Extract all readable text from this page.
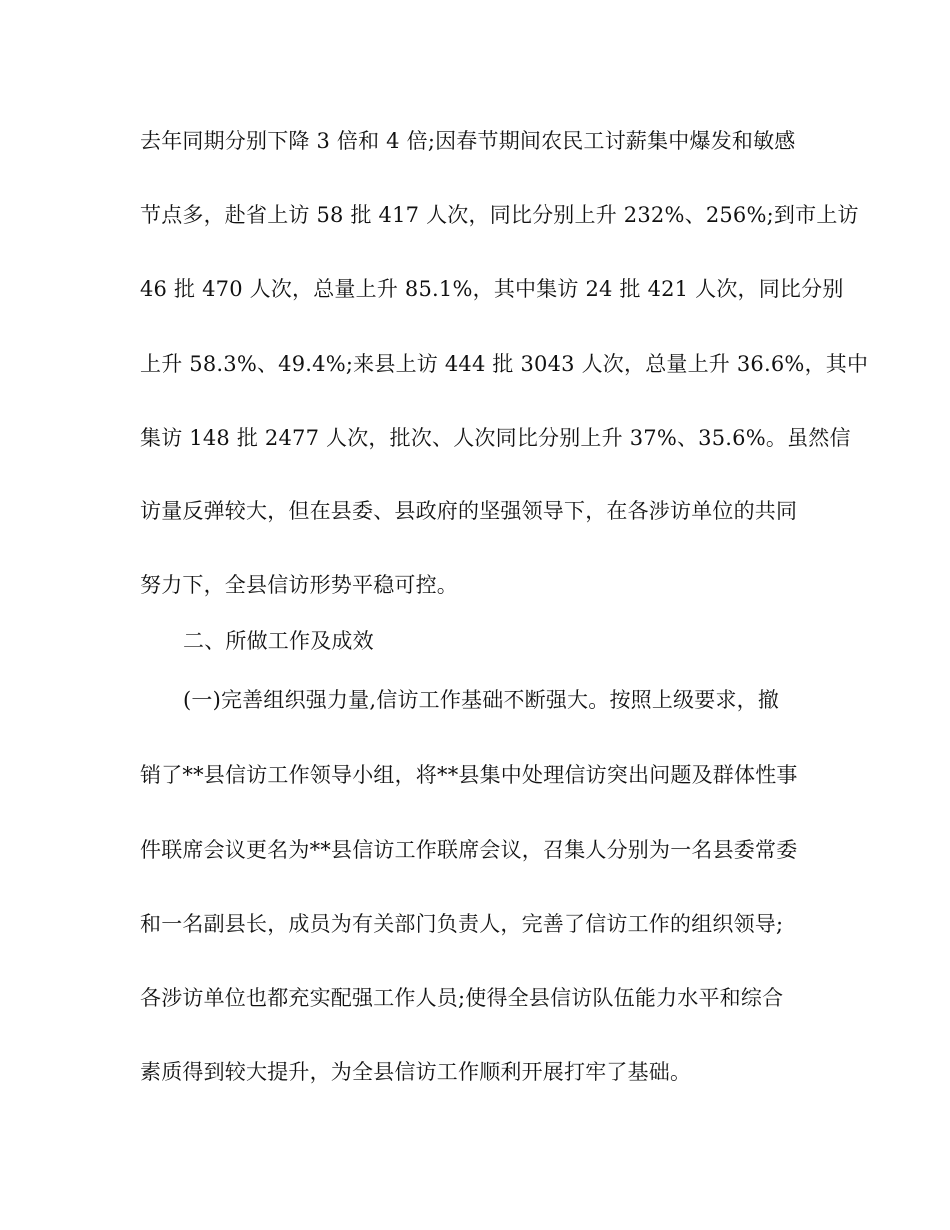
去年同期分别下降 3 倍和 4 倍;因春节期间农民工讨薪集中爆发和敏感
节点多，赴省上访 58 批 417 人次，同比分别上升 232%、256%;到市上访
46 批 470 人次，总量上升 85.1%，其中集访 24 批 421 人次，同比分别
上升 58.3%、49.4%;来县上访 444 批 3043 人次，总量上升 36.6%，其中
集访 148 批 2477 人次，批次、人次同比分别上升 37%、35.6%。虽然信
访量反弹较大，但在县委、县政府的坚强领导下，在各涉访单位的共同
努力下，全县信访形势平稳可控。
二、所做工作及成效
(一)完善组织强力量,信访工作基础不断强大。按照上级要求，撤
销了**县信访工作领导小组，将**县集中处理信访突出问题及群体性事
件联席会议更名为**县信访工作联席会议，召集人分别为一名县委常委
和一名副县长，成员为有关部门负责人，完善了信访工作的组织领导;
各涉访单位也都充实配强工作人员;使得全县信访队伍能力水平和综合
素质得到较大提升，为全县信访工作顺利开展打牢了基础。
